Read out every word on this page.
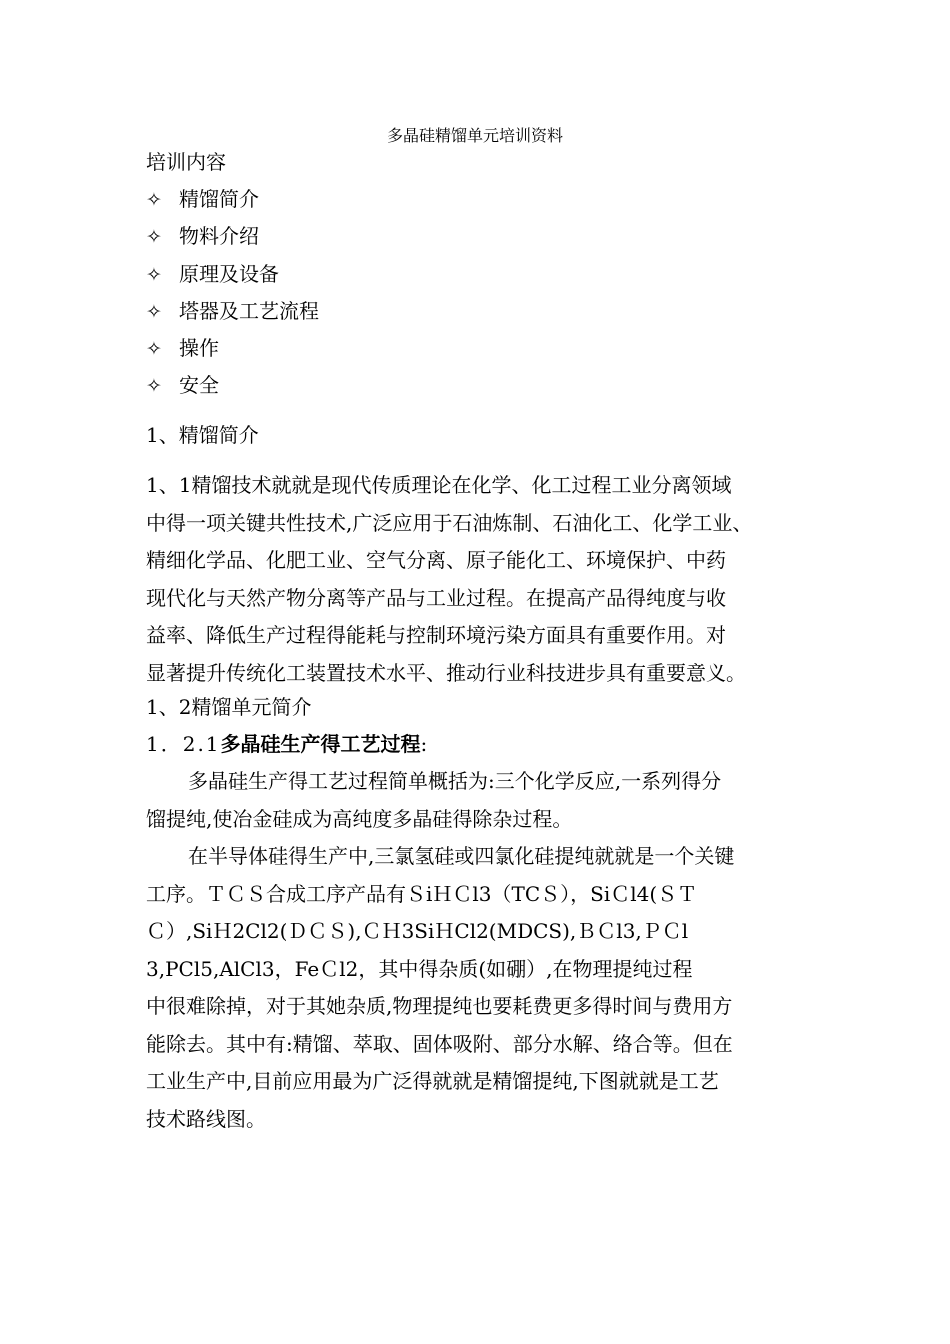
多晶硅精馏单元培训资料
培训内容
✧ 精馏简介
✧ 物料介绍
✧ 原理及设备
✧ 塔器及工艺流程
✧ 操作
✧ 安全
1、精馏简介
1、1精馏技术就就是现代传质理论在化学、化工过程工业分离领域
中得一项关键共性技术,广泛应用于石油炼制、石油化工、化学工业、
精细化学品、化肥工业、空气分离、原子能化工、环境保护、中药
现代化与天然产物分离等产品与工业过程。在提高产品得纯度与收
益率、降低生产过程得能耗与控制环境污染方面具有重要作用。对
显著提升传统化工装置技术水平、推动行业科技进步具有重要意义。
1、2精馏单元简介
1．2.1多晶硅生产得工艺过程:
多晶硅生产得工艺过程简单概括为:三个化学反应,一系列得分
馏提纯,使冶金硅成为高纯度多晶硅得除杂过程。
在半导体硅得生产中,三氯氢硅或四氯化硅提纯就就是一个关键
工序。ＴＣＳ合成工序产品有ＳiＨＣl3（TCＳ），SiＣl4(ＳＴ
Ｃ）,SiＨ2Cl2(ＤＣＳ),ＣＨ3SiＨCl2(MDCS),ＢＣl3,ＰＣl
3,PCl5,AlCl3，FeＣl2，其中得杂质(如硼）,在物理提纯过程
中很难除掉，对于其她杂质,物理提纯也要耗费更多得时间与费用方
能除去。其中有:精馏、萃取、固体吸附、部分水解、络合等。但在
工业生产中,目前应用最为广泛得就就是精馏提纯,下图就就是工艺
技术路线图。
